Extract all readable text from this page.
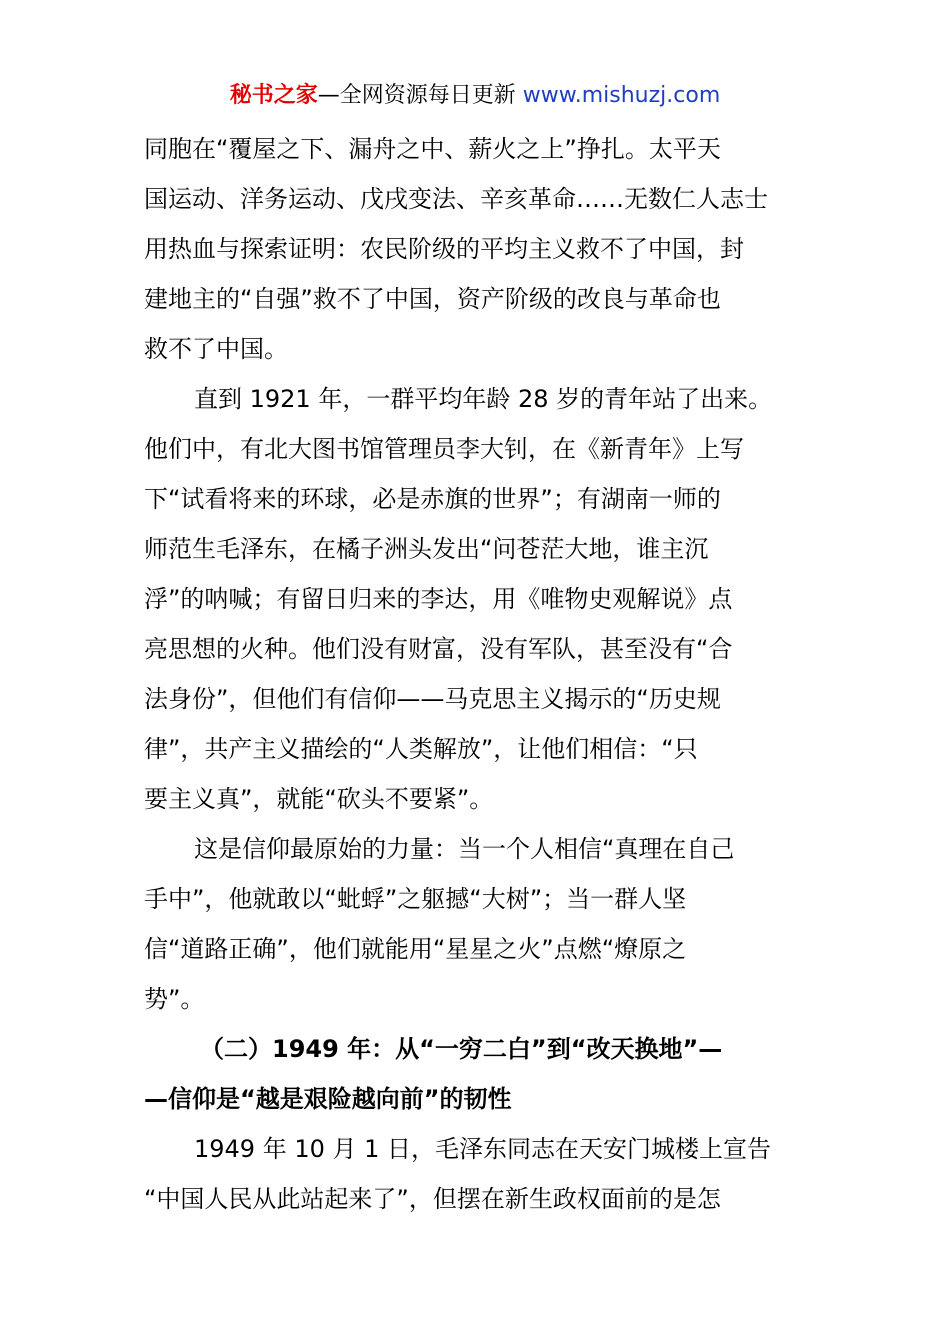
秘书之家—全网资源每日更新 www.mishuzj.com
同胞在“覆屋之下、漏舟之中、薪火之上”挣扎。太平天
国运动、洋务运动、戊戌变法、辛亥革命……无数仁人志士
用热血与探索证明：农民阶级的平均主义救不了中国，封
建地主的“自强”救不了中国，资产阶级的改良与革命也
救不了中国。
直到 1921 年，一群平均年龄 28 岁的青年站了出来。
他们中，有北大图书馆管理员李大钊，在《新青年》上写
下“试看将来的环球，必是赤旗的世界”；有湖南一师的
师范生毛泽东，在橘子洲头发出“问苍茫大地，谁主沉
浮”的呐喊；有留日归来的李达，用《唯物史观解说》点
亮思想的火种。他们没有财富，没有军队，甚至没有“合
法身份”，但他们有信仰——马克思主义揭示的“历史规
律”，共产主义描绘的“人类解放”，让他们相信：“只
要主义真”，就能“砍头不要紧”。
这是信仰最原始的力量：当一个人相信“真理在自己
手中”，他就敢以“蚍蜉”之躯撼“大树”；当一群人坚
信“道路正确”，他们就能用“星星之火”点燃“燎原之
势”。
（二）1949 年：从“一穷二白”到“改天换地”—
—信仰是“越是艰险越向前”的韧性
1949 年 10 月 1 日，毛泽东同志在天安门城楼上宣告
“中国人民从此站起来了”，但摆在新生政权面前的是怎
